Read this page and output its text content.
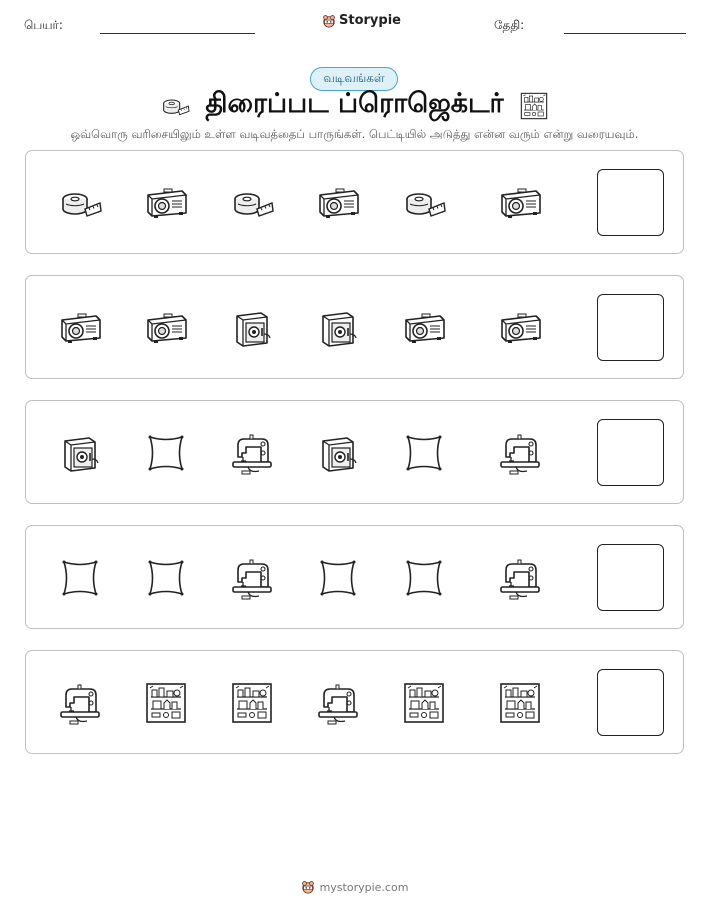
பெயர்:	Storypie	தேதி:
வடிவங்கள்
திரைப்பட ப்ரொஜெக்டர்
ஒவ்வொரு வரிசையிலும் உள்ள வடிவத்தைப் பாருங்கள். பெட்டியில் அடுத்து என்ன வரும் என்று வரையவும்.
mystorypie.com
